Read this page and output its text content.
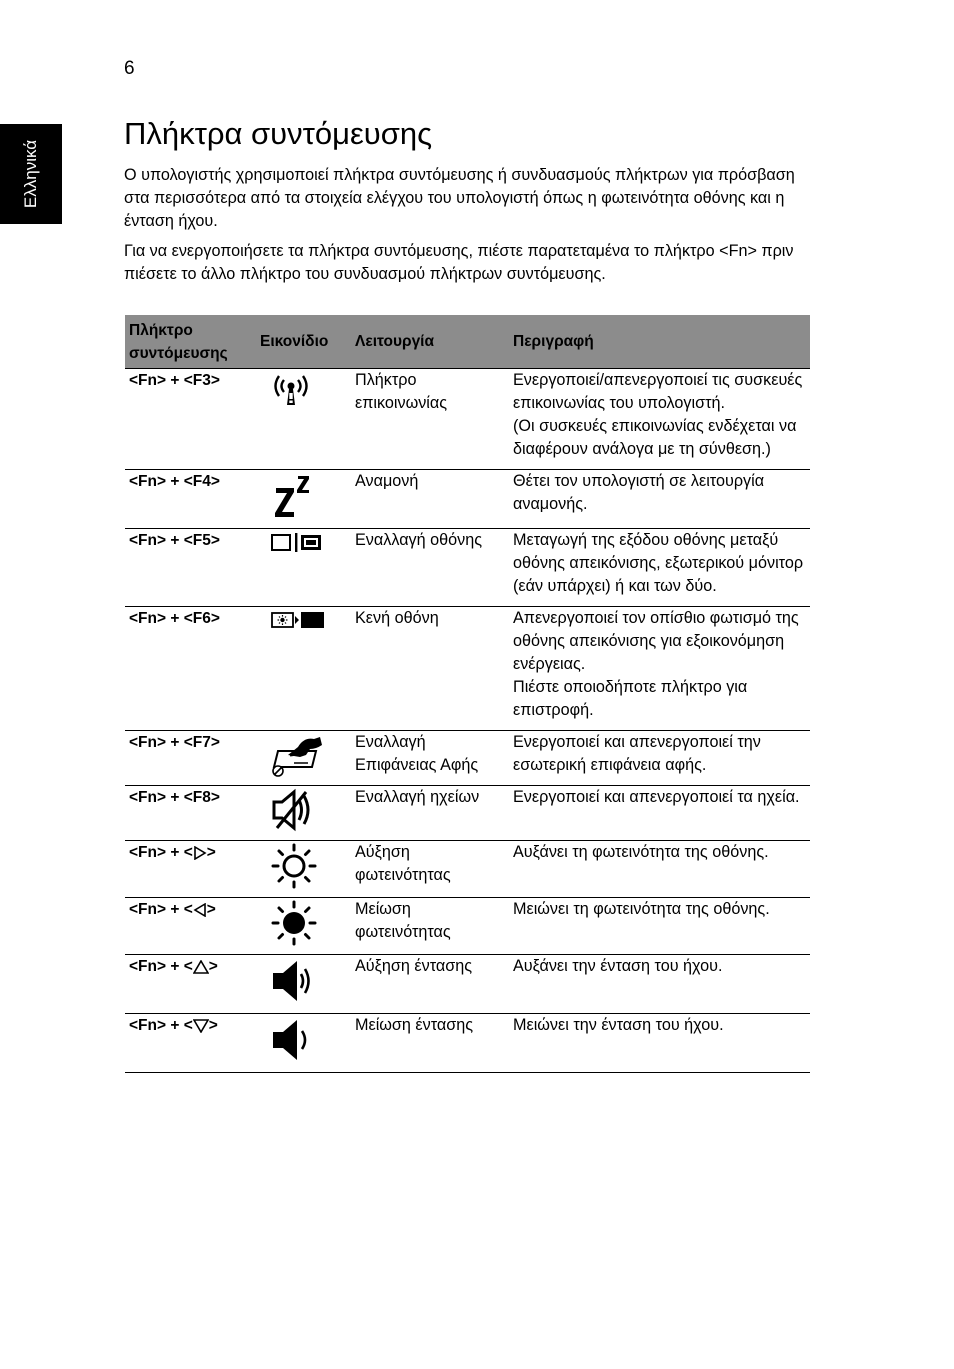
6
Ελληνικά
Πλήκτρα συντόμευσης

Ο υπολογιστής χρησιμοποιεί πλήκτρα συντόμευσης ή συνδυασμούς πλήκτρων για πρόσβαση στα περισσότερα από τα στοιχεία ελέγχου του υπολογιστή όπως η φωτεινότητα οθόνης και η ένταση ήχου.

Για να ενεργοποιήσετε τα πλήκτρα συντόμευσης, πιέστε παρατεταμένα το πλήκτρο <Fn> πριν πιέσετε το άλλο πλήκτρο του συνδυασμού πλήκτρων συντόμευσης.

Πλήκτρο
συντόμευσης	Εικονίδιο	Λειτουργία	Περιγραφή
<Fn> + <F3>		Πλήκτρο επικοινωνίας	Ενεργοποιεί/απενεργοποιεί τις συσκευές επικοινωνίας του υπολογιστή.
(Οι συσκευές επικοινωνίας ενδέχεται να διαφέρουν ανάλογα με τη σύνθεση.)

<Fn> + <F4>		Αναμονή	Θέτει τον υπολογιστή σε λειτουργία αναμονής.
<Fn> + <F5>		Εναλλαγή οθόνης	Μεταγωγή της εξόδου οθόνης μεταξύ οθόνης απεικόνισης, εξωτερικού μόνιτορ (εάν υπάρχει) ή και των δύο.
<Fn> + <F6>		Κενή οθόνη	Απενεργοποιεί τον οπίσθιο φωτισμό της οθόνης απεικόνισης για εξοικονόμηση ενέργειας.
Πιέστε οποιοδήποτε πλήκτρο για επιστροφή.

<Fn> + <F7>		Εναλλαγή Επιφάνειας Αφής	Ενεργοποιεί και απενεργοποιεί την εσωτερική επιφάνεια αφής.
<Fn> + <F8>		Εναλλαγή ηχείων	Ενεργοποιεί και απενεργοποιεί τα ηχεία.
<Fn> + < >		Αύξηση φωτεινότητας	Αυξάνει τη φωτεινότητα της οθόνης.
<Fn> + < >		Μείωση φωτεινότητας	Μειώνει τη φωτεινότητα της οθόνης.
<Fn> + < >		Αύξηση έντασης	Αυξάνει την ένταση του ήχου.
<Fn> + < >		Μείωση έντασης	Μειώνει την ένταση του ήχου.
